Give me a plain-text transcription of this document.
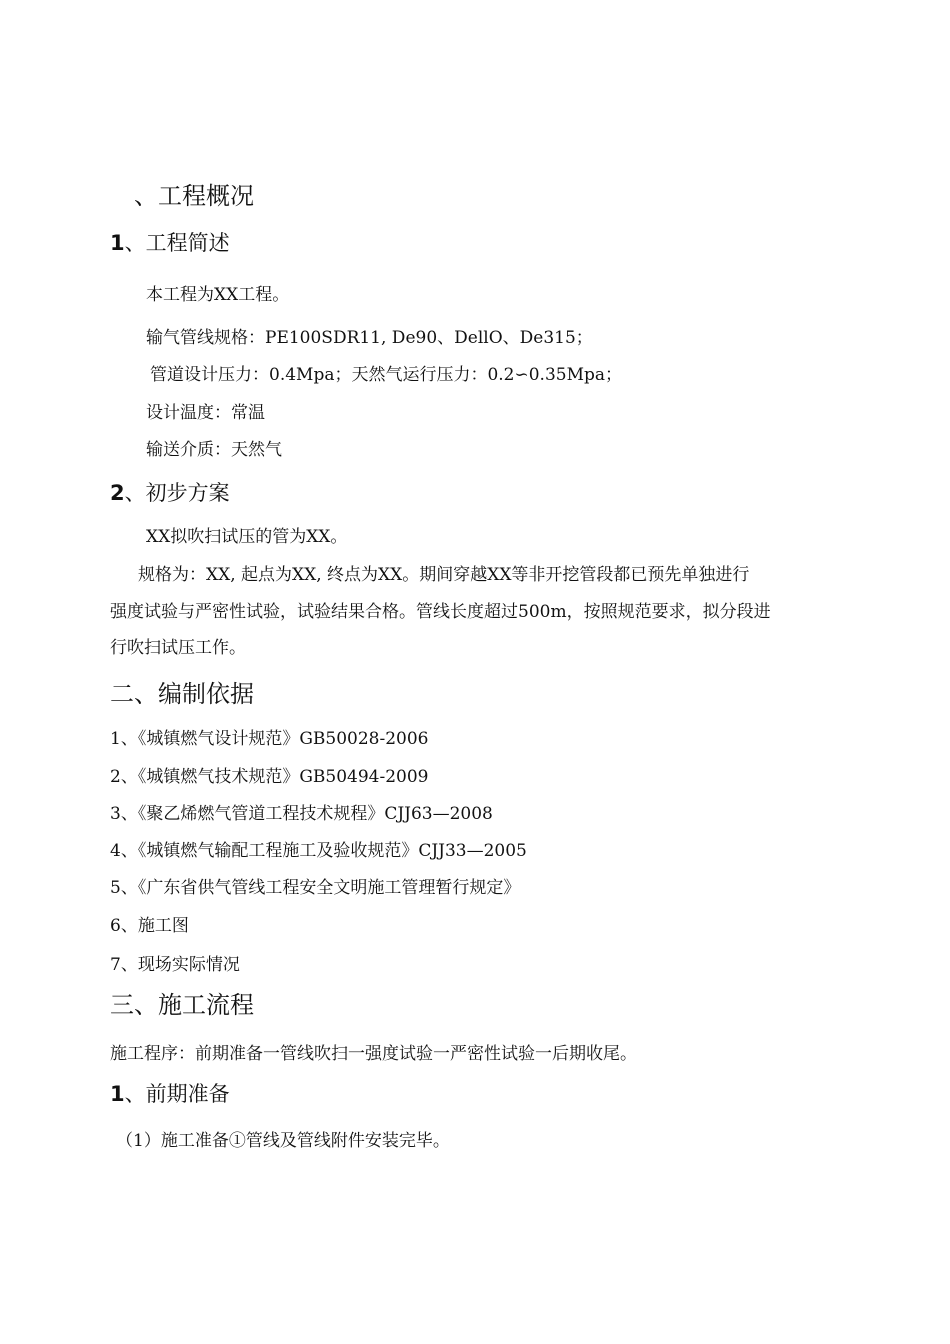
、工程概况
1、工程简述
本工程为XX工程。
输气管线规格：PE100SDR11, De90、DellO、De315；
管道设计压力：0.4Mpa；天然气运行压力：0.2∽0.35Mpa；
设计温度：常温
输送介质：天然气
2、初步方案
XX拟吹扫试压的管为XX。
规格为：XX, 起点为XX, 终点为XX。期间穿越XX等非开挖管段都已预先单独进行
强度试验与严密性试验，试验结果合格。管线长度超过500m，按照规范要求，拟分段进
行吹扫试压工作。
二、编制依据
1、《城镇燃气设计规范》GB50028-2006
2、《城镇燃气技术规范》GB50494-2009
3、《聚乙烯燃气管道工程技术规程》CJJ63—2008
4、《城镇燃气输配工程施工及验收规范》CJJ33—2005
5、《广东省供气管线工程安全文明施工管理暂行规定》
6、施工图
7、现场实际情况
三、施工流程
施工程序：前期准备一管线吹扫一强度试验一严密性试验一后期收尾。
1、前期准备
（1）施工准备①管线及管线附件安装完毕。
